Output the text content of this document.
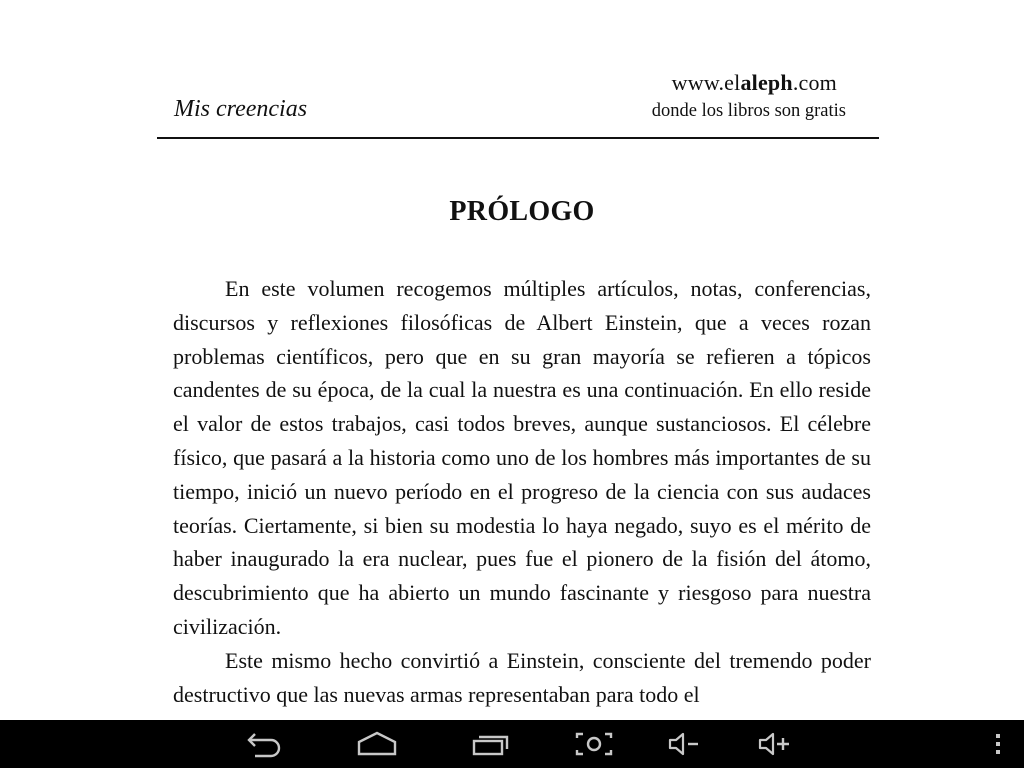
Mis creencias
www.elaleph.com
donde los libros son gratis
PRÓLOGO

En este volumen recogemos múltiples artículos, notas, conferencias, discursos y reflexiones filosóficas de Albert Einstein, que a veces rozan problemas científicos, pero que en su gran mayoría se refieren a tópicos candentes de su época, de la cual la nuestra es una continuación. En ello reside el valor de estos trabajos, casi todos breves, aunque sustanciosos. El célebre físico, que pasará a la historia como uno de los hombres más importantes de su tiempo, inició un nuevo período en el progreso de la ciencia con sus audaces teorías. Ciertamente, si bien su modestia lo haya negado, suyo es el mérito de haber inaugurado la era nuclear, pues fue el pionero de la fisión del átomo, descubrimiento que ha abierto un mundo fascinante y riesgoso para nuestra civilización.

Este mismo hecho convirtió a Einstein, consciente del tremendo poder destructivo que las nuevas armas representaban para todo el
